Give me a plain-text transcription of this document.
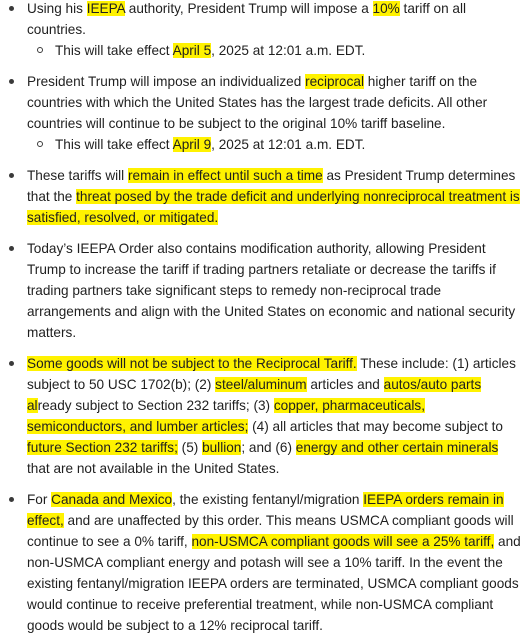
Using his IEEPA authority, President Trump will impose a 10% tariff on all countries.
This will take effect April 5, 2025 at 12:01 a.m. EDT.
President Trump will impose an individualized reciprocal higher tariff on the countries with which the United States has the largest trade deficits. All other countries will continue to be subject to the original 10% tariff baseline.
This will take effect April 9, 2025 at 12:01 a.m. EDT.
These tariffs will remain in effect until such a time as President Trump determines that the threat posed by the trade deficit and underlying nonreciprocal treatment is satisfied, resolved, or mitigated.
Today’s IEEPA Order also contains modification authority, allowing President Trump to increase the tariff if trading partners retaliate or decrease the tariffs if trading partners take significant steps to remedy non-reciprocal trade arrangements and align with the United States on economic and national security matters.
Some goods will not be subject to the Reciprocal Tariff. These include: (1) articles subject to 50 USC 1702(b); (2) steel/aluminum articles and autos/auto parts already subject to Section 232 tariffs; (3) copper, pharmaceuticals, semiconductors, and lumber articles; (4) all articles that may become subject to future Section 232 tariffs; (5) bullion; and (6) energy and other certain minerals that are not available in the United States.
For Canada and Mexico, the existing fentanyl/migration IEEPA orders remain in effect, and are unaffected by this order. This means USMCA compliant goods will continue to see a 0% tariff, non-USMCA compliant goods will see a 25% tariff, and non-USMCA compliant energy and potash will see a 10% tariff. In the event the existing fentanyl/migration IEEPA orders are terminated, USMCA compliant goods would continue to receive preferential treatment, while non-USMCA compliant goods would be subject to a 12% reciprocal tariff.
